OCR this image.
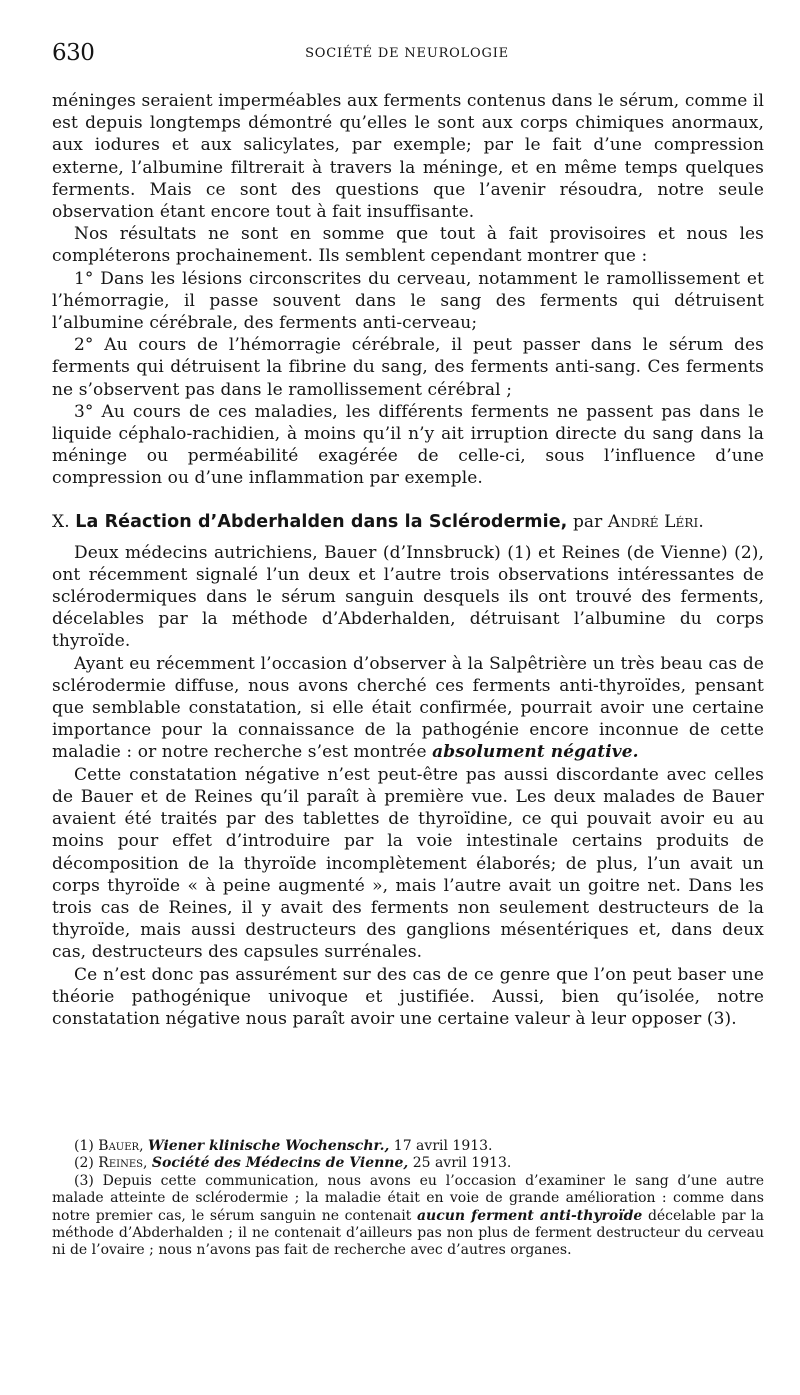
630	SOCIÉTÉ DE NEUROLOGIE

méninges seraient imperméables aux ferments contenus dans le sérum, comme il est depuis longtemps démontré qu’elles le sont aux corps chimiques anormaux, aux iodures et aux salicylates, par exemple; par le fait d’une compression externe, l’albumine filtrerait à travers la méninge, et en même temps quelques ferments. Mais ce sont des questions que l’avenir résoudra, notre seule observation étant encore tout à fait insuffisante.

Nos résultats ne sont en somme que tout à fait provisoires et nous les compléterons prochainement. Ils semblent cependant montrer que :

1° Dans les lésions circonscrites du cerveau, notamment le ramollissement et l’hémorragie, il passe souvent dans le sang des ferments qui détruisent l’albumine cérébrale, des ferments anti-cerveau;

2° Au cours de l’hémorragie cérébrale, il peut passer dans le sérum des ferments qui détruisent la fibrine du sang, des ferments anti-sang. Ces ferments ne s’observent pas dans le ramollissement cérébral ;

3° Au cours de ces maladies, les différents ferments ne passent pas dans le liquide céphalo-rachidien, à moins qu’il n’y ait irruption directe du sang dans la méninge ou perméabilité exagérée de celle-ci, sous l’influence d’une compression ou d’une inflammation par exemple.

X. La Réaction d’Abderhalden dans la Sclérodermie, par André Léri.

Deux médecins autrichiens, Bauer (d’Innsbruck) (1) et Reines (de Vienne) (2), ont récemment signalé l’un deux et l’autre trois observations intéressantes de sclérodermiques dans le sérum sanguin desquels ils ont trouvé des ferments, décelables par la méthode d’Abderhalden, détruisant l’albumine du corps thyroïde.

Ayant eu récemment l’occasion d’observer à la Salpêtrière un très beau cas de sclérodermie diffuse, nous avons cherché ces ferments anti-thyroïdes, pensant que semblable constatation, si elle était confirmée, pourrait avoir une certaine importance pour la connaissance de la pathogénie encore inconnue de cette maladie : or notre recherche s’est montrée absolument négative.

Cette constatation négative n’est peut-être pas aussi discordante avec celles de Bauer et de Reines qu’il paraît à première vue. Les deux malades de Bauer avaient été traités par des tablettes de thyroïdine, ce qui pouvait avoir eu au moins pour effet d’introduire par la voie intestinale certains produits de décomposition de la thyroïde incomplètement élaborés; de plus, l’un avait un corps thyroïde « à peine augmenté », mais l’autre avait un goitre net. Dans les trois cas de Reines, il y avait des ferments non seulement destructeurs de la thyroïde, mais aussi destructeurs des ganglions mésentériques et, dans deux cas, destructeurs des capsules surrénales.

Ce n’est donc pas assurément sur des cas de ce genre que l’on peut baser une théorie pathogénique univoque et justifiée. Aussi, bien qu’isolée, notre constatation négative nous paraît avoir une certaine valeur à leur opposer (3).

(1) Bauer, Wiener klinische Wochenschr., 17 avril 1913.

(2) Reines, Société des Médecins de Vienne, 25 avril 1913.

(3) Depuis cette communication, nous avons eu l’occasion d’examiner le sang d’une autre malade atteinte de sclérodermie ; la maladie était en voie de grande amélioration : comme dans notre premier cas, le sérum sanguin ne contenait aucun ferment anti-thyroïde décelable par la méthode d’Abderhalden ; il ne contenait d’ailleurs pas non plus de ferment destructeur du cerveau ni de l’ovaire ; nous n’avons pas fait de recherche avec d’autres organes.
